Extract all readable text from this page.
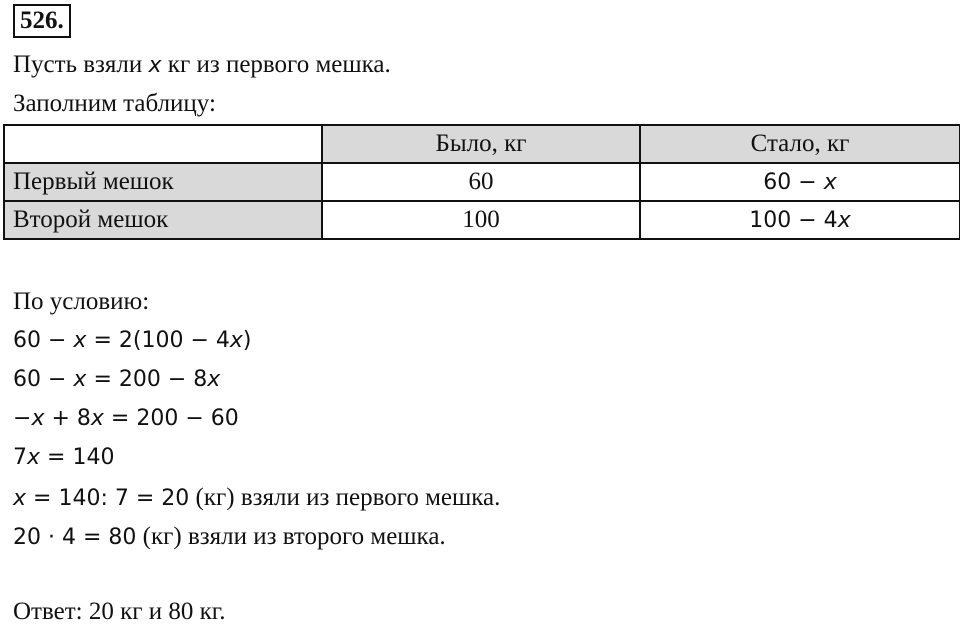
526.
Пусть взяли x кг из первого мешка.
Заполним таблицу:
	Было, кг	Стало, кг
Первый мешок	60	60 − x
Второй мешок	100	100 − 4x
По условию:
60 − x = 2(100 − 4x)
60 − x = 200 − 8x
−x + 8x = 200 − 60
7x = 140
x = 140: 7 = 20 (кг) взяли из первого мешка.
20 · 4 = 80 (кг) взяли из второго мешка.
Ответ: 20 кг и 80 кг.
